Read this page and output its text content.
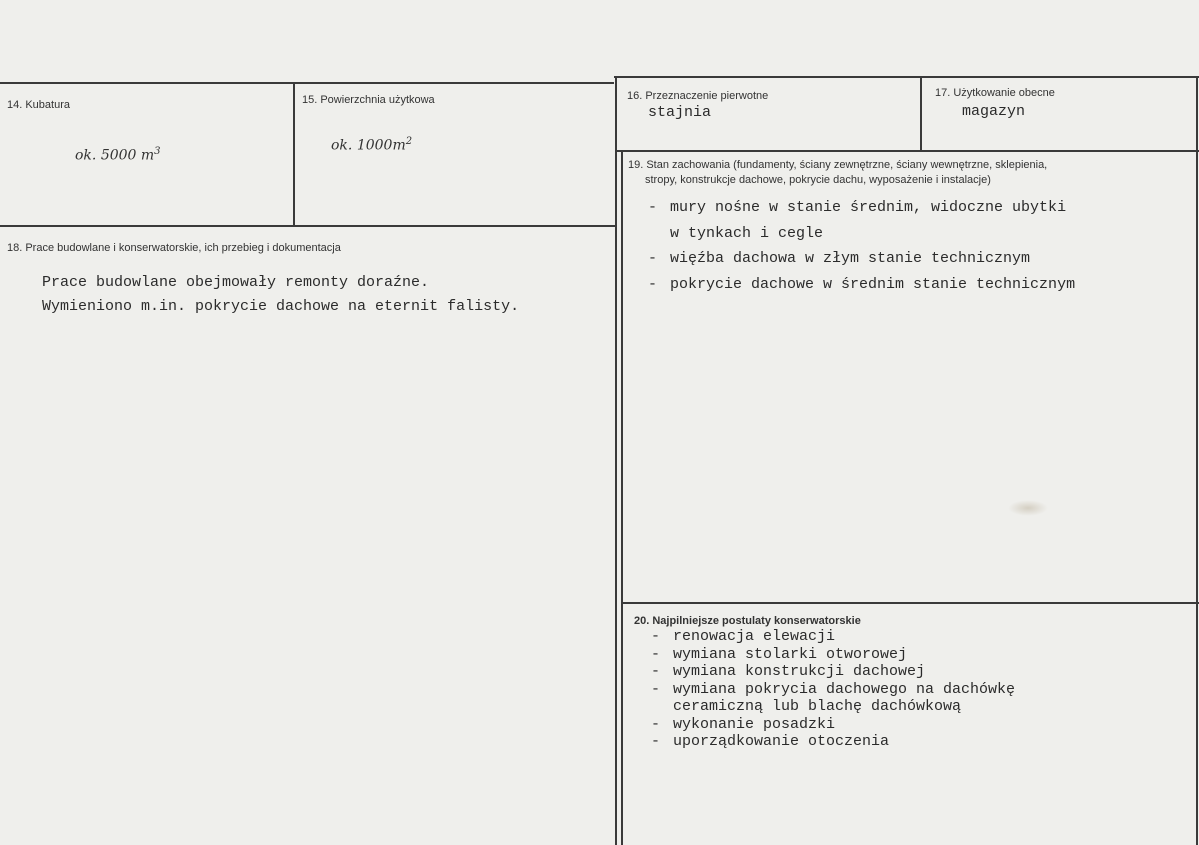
14. Kubatura
ok. 5000 $m^3$
15. Powierzchnia użytkowa
ok. $1000m^2$
16. Przeznaczenie pierwotne
stajnia
17. Użytkowanie obecne
magazyn
18. Prace budowlane i konserwatorskie, ich przebieg i dokumentacja
Prace budowlane obejmowały remonty doraźne.
Wymieniono m.in. pokrycie dachowe na eternit falisty.
19. Stan zachowania (fundamenty, ściany zewnętrzne, ściany wewnętrzne, sklepienia,
stropy, konstrukcje dachowe, pokrycie dachu, wyposażenie i instalacje)
- mury nośne w stanie średnim, widoczne ubytki
w tynkach i cegle
- więźba dachowa w złym stanie technicznym
- pokrycie dachowe w średnim stanie technicznym
20. Najpilniejsze postulaty konserwatorskie
- renowacja elewacji
- wymiana stolarki otworowej
- wymiana konstrukcji dachowej
- wymiana pokrycia dachowego na dachówkę
ceramiczną lub blachę dachówkową
- wykonanie posadzki
- uporządkowanie otoczenia
